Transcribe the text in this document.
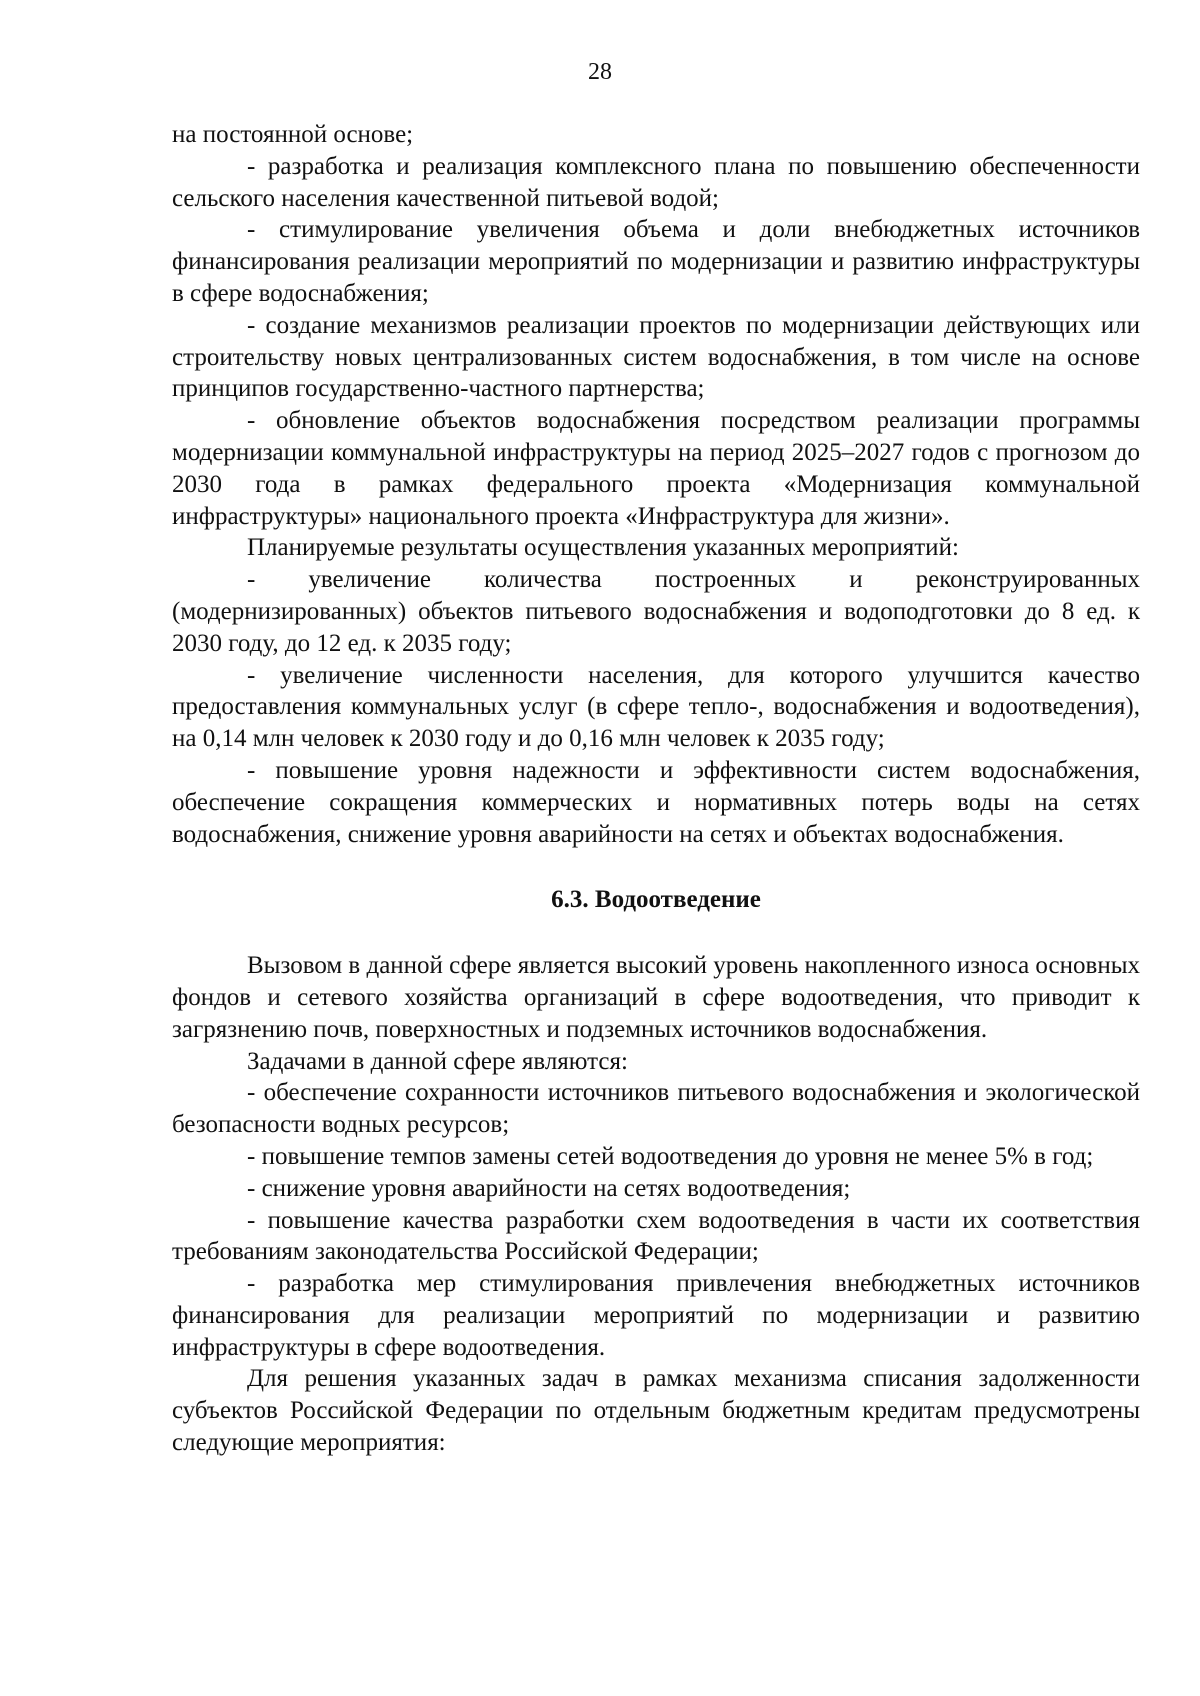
28

на постоянной основе;

- разработка и реализация комплексного плана по повышению обеспеченности сельского населения качественной питьевой водой;

- стимулирование увеличения объема и доли внебюджетных источников финансирования реализации мероприятий по модернизации и развитию инфраструктуры в сфере водоснабжения;

- создание механизмов реализации проектов по модернизации действующих или строительству новых централизованных систем водоснабжения, в том числе на основе принципов государственно-частного партнерства;

- обновление объектов водоснабжения посредством реализации программы модернизации коммунальной инфраструктуры на период 2025–2027 годов с прогнозом до 2030 года в рамках федерального проекта «Модернизация коммунальной инфраструктуры» национального проекта «Инфраструктура для жизни».

Планируемые результаты осуществления указанных мероприятий:

- увеличение количества построенных и реконструированных (модернизированных) объектов питьевого водоснабжения и водоподготовки до 8 ед. к 2030 году, до 12 ед. к 2035 году;

- увеличение численности населения, для которого улучшится качество предоставления коммунальных услуг (в сфере тепло-, водоснабжения и водоотведения), на 0,14 млн человек к 2030 году и до 0,16 млн человек к 2035 году;

- повышение уровня надежности и эффективности систем водоснабжения, обеспечение сокращения коммерческих и нормативных потерь воды на сетях водоснабжения, снижение уровня аварийности на сетях и объектах водоснабжения.

6.3. Водоотведение

Вызовом в данной сфере является высокий уровень накопленного износа основных фондов и сетевого хозяйства организаций в сфере водоотведения, что приводит к загрязнению почв, поверхностных и подземных источников водоснабжения.

Задачами в данной сфере являются:

- обеспечение сохранности источников питьевого водоснабжения и экологической безопасности водных ресурсов;

- повышение темпов замены сетей водоотведения до уровня не менее 5% в год;

- снижение уровня аварийности на сетях водоотведения;

- повышение качества разработки схем водоотведения в части их соответствия требованиям законодательства Российской Федерации;

- разработка мер стимулирования привлечения внебюджетных источников финансирования для реализации мероприятий по модернизации и развитию инфраструктуры в сфере водоотведения.

Для решения указанных задач в рамках механизма списания задолженности субъектов Российской Федерации по отдельным бюджетным кредитам предусмотрены следующие мероприятия:
